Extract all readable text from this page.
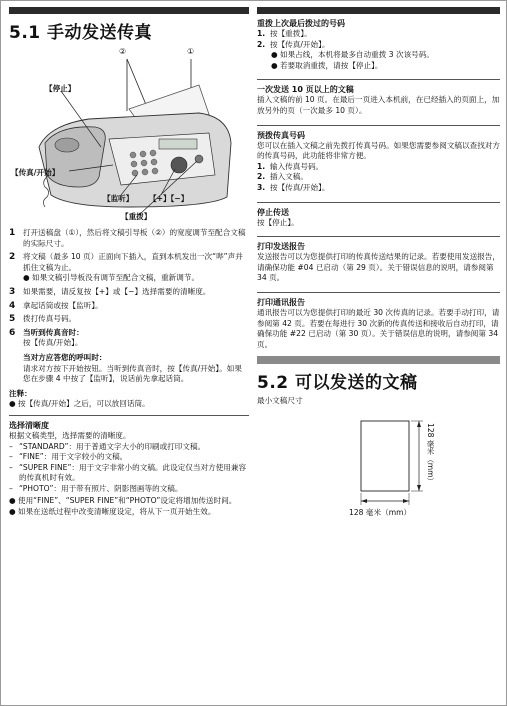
5.1 手动发送传真
②	①
【停止】
【传真/开始】
【监听】 【+】【−】
【重拨】
1	打开送稿盘（①），然后将文稿引导板（②）的宽度调节至配合文稿的实际尺寸。
2	将文稿（最多 10 页）正面向下插入，直到本机发出一次“哔”声并抓住文稿为止。
● 如果文稿引导板没有调节至配合文稿，重新调节。
3	如果需要，请反复按【+】或【−】选择需要的清晰度。
4	拿起话筒或按【监听】。
5	拨打传真号码。
6	当听到传真音时：
按【传真/开始】。
当对方应答您的呼叫时：
请求对方按下开始按钮。当听到传真音时，按【传真/开始】。如果您在步骤 4 中按了【监听】，说话前先拿起话筒。
注释：
● 按【传真/开始】之后，可以放回话筒。
选择清晰度
根据文稿类型，选择需要的清晰度。
– “STANDARD”：用于普通文字大小的印刷或打印文稿。
– “FINE”：用于文字较小的文稿。
– “SUPER FINE”：用于文字非常小的文稿。此设定仅当对方使用兼容的传真机时有效。
– “PHOTO”：用于带有照片、阴影图画等的文稿。
● 使用“FINE”、“SUPER FINE”和“PHOTO”设定将增加传送时间。
● 如果在送纸过程中改变清晰度设定，将从下一页开始生效。
重拨上次最后拨过的号码
1. 按【重拨】。
2. 按【传真/开始】。
● 如果占线，本机将最多自动重拨 3 次该号码。
● 若要取消重拨，请按【停止】。
一次发送 10 页以上的文稿
插入文稿的前 10 页。在最后一页进入本机前，在已经插入的页面上，加放另外的页（一次最多 10 页）。
预拨传真号码
您可以在插入文稿之前先拨打传真号码。如果您需要参阅文稿以查找对方的传真号码，此功能将非常方便。
1. 输入传真号码。
2. 插入文稿。
3. 按【传真/开始】。
停止传送
按【停止】。
打印发送报告
发送报告可以为您提供打印的传真传送结果的记录。若要使用发送报告，请确保功能 #04 已启动（第 29 页）。关于错误信息的说明，请参阅第 34 页。
打印通讯报告
通讯报告可以为您提供打印的最近 30 次传真的记录。若要手动打印，请参阅第 42 页。若要在每进行 30 次新的传真传送和接收后自动打印，请确保功能 #22 已启动（第 30 页）。关于错误信息的说明，请参阅第 34 页。
5.2 可以发送的文稿
最小文稿尺寸
128 毫米（mm）
128 毫米（mm）
